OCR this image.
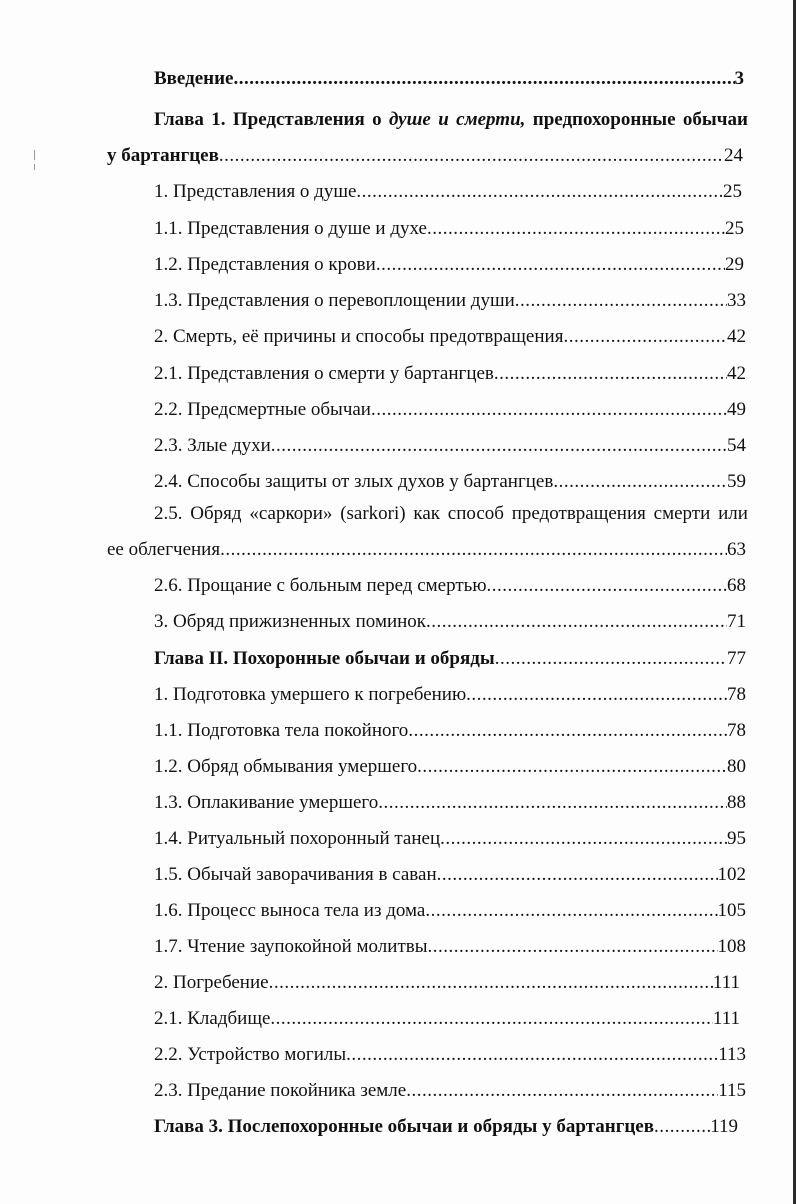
Введение .....	3
Глава 1. Представления о душе и смерти, предпохоронные обычаи
у бартангцев .....	24
1. Представления о душе .....	25
1.1. Представления о душе и духе .....	25
1.2. Представления о крови .....	29
1.3. Представления о перевоплощении души .....	33
2. Смерть, её причины и способы предотвращения .....	42
2.1. Представления о смерти у бартангцев .....	42
2.2. Предсмертные обычаи .....	49
2.3. Злые духи .....	54
2.4. Способы защиты от злых духов у бартангцев .....	59
2.5. Обряд «саркори» (sarkori) как способ предотвращения смерти или
ее облегчения .....	63
2.6. Прощание с больным перед смертью .....	68
3. Обряд прижизненных поминок .....	71
Глава II. Похоронные обычаи и обряды .....	77
1. Подготовка умершего к погребению .....	78
1.1. Подготовка тела покойного .....	78
1.2. Обряд обмывания умершего .....	80
1.3. Оплакивание умершего .....	88
1.4. Ритуальный похоронный танец .....	95
1.5. Обычай заворачивания в саван .....	102
1.6. Процесс выноса тела из дома .....	105
1.7. Чтение заупокойной молитвы .....	108
2. Погребение .....	111
2.1. Кладбище .....	111
2.2. Устройство могилы .....	113
2.3. Предание покойника земле .....	115
Глава 3. Послепохоронные обычаи и обряды у бартангцев .....	119
